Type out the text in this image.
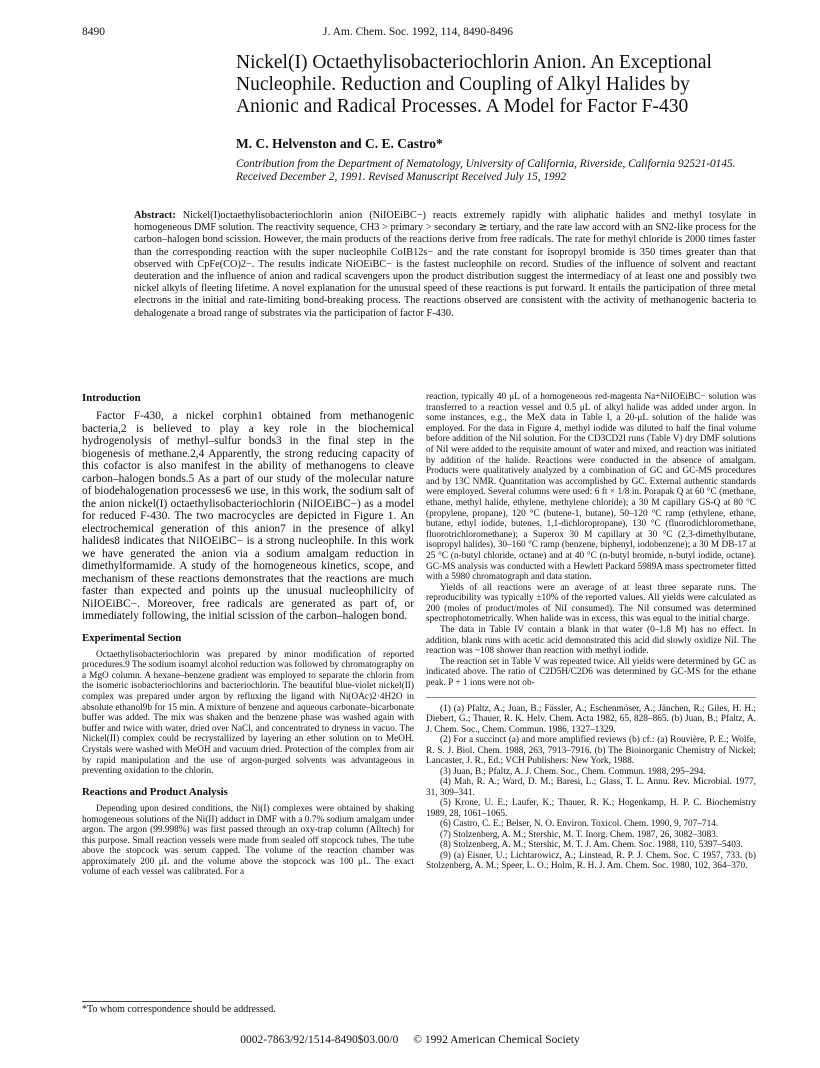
8490	J. Am. Chem. Soc. 1992, 114, 8490-8496
Nickel(I) Octaethylisobacteriochlorin Anion. An Exceptional Nucleophile. Reduction and Coupling of Alkyl Halides by Anionic and Radical Processes. A Model for Factor F-430
M. C. Helvenston and C. E. Castro*
Contribution from the Department of Nematology, University of California, Riverside, California 92521-0145. Received December 2, 1991. Revised Manuscript Received July 15, 1992
Abstract: Nickel(I)octaethylisobacteriochlorin anion (NiIOEiBC−) reacts extremely rapidly with aliphatic halides and methyl tosylate in homogeneous DMF solution. The reactivity sequence, CH3 > primary > secondary ≳ tertiary, and the rate law accord with an SN2-like process for the carbon–halogen bond scission. However, the main products of the reactions derive from free radicals. The rate for methyl chloride is 2000 times faster than the corresponding reaction with the super nucleophile CoIB12s− and the rate constant for isopropyl bromide is 350 times greater than that observed with CpFe(CO)2−. The results indicate NiOEiBC− is the fastest nucleophile on record. Studies of the influence of solvent and reactant deuteration and the influence of anion and radical scavengers upon the product distribution suggest the intermediacy of at least one and possibly two nickel alkyls of fleeting lifetime. A novel explanation for the unusual speed of these reactions is put forward. It entails the participation of three metal electrons in the initial and rate-limiting bond-breaking process. The reactions observed are consistent with the activity of methanogenic bacteria to dehalogenate a broad range of substrates via the participation of factor F-430.
Introduction

Factor F-430, a nickel corphin1 obtained from methanogenic bacteria,2 is believed to play a key role in the biochemical hydrogenolysis of methyl–sulfur bonds3 in the final step in the biogenesis of methane.2,4 Apparently, the strong reducing capacity of this cofactor is also manifest in the ability of methanogens to cleave carbon–halogen bonds.5 As a part of our study of the molecular nature of biodehalogenation processes6 we use, in this work, the sodium salt of the anion nickel(I) octaethylisobacteriochlorin (NiIOEiBC−) as a model for reduced F-430. The two macrocycles are depicted in Figure 1. An electrochemical generation of this anion7 in the presence of alkyl halides8 indicates that NiIOEiBC− is a strong nucleophile. In this work we have generated the anion via a sodium amalgam reduction in dimethylformamide. A study of the homogeneous kinetics, scope, and mechanism of these reactions demonstrates that the reactions are much faster than expected and points up the unusual nucleophilicity of NiIOEiBC−. Moreover, free radicals are generated as part of, or immediately following, the initial scission of the carbon–halogen bond.

Experimental Section

Octaethylisobacteriochlorin was prepared by minor modification of reported procedures.9 The sodium isoamyl alcohol reduction was followed by chromatography on a MgO column. A hexane–benzene gradient was employed to separate the chlorin from the isomeric isobacteriochlorins and bacteriochlorin. The beautiful blue-violet nickel(II) complex was prepared under argon by refluxing the ligand with Ni(OAc)2·4H2O in absolute ethanol9b for 15 min. A mixture of benzene and aqueous carbonate–bicarbonate buffer was added. The mix was shaken and the benzene phase was washed again with buffer and twice with water, dried over NaCl, and concentrated to dryness in vacuo. The Nickel(II) complex could be recrystallized by layering an ether solution on to MeOH. Crystals were washed with MeOH and vacuum dried. Protection of the complex from air by rapid manipulation and the use of argon-purged solvents was advantageous in preventing oxidation to the chlorin.

Reactions and Product Analysis

Depending upon desired conditions, the Ni(I) complexes were obtained by shaking homogeneous solutions of the Ni(II) adduct in DMF with a 0.7% sodium amalgam under argon. The argon (99.998%) was first passed through an oxy-trap column (Alltech) for this purpose. Small reaction vessels were made from sealed off stopcock tubes. The tube above the stopcock was serum capped. The volume of the reaction chamber was approximately 200 μL and the volume above the stopcock was 100 μL. The exact volume of each vessel was calibrated. For a

reaction, typically 40 μL of a homogeneous red-magenta Na+NiIOEiBC− solution was transferred to a reaction vessel and 0.5 μL of alkyl halide was added under argon. In some instances, e.g., the MeX data in Table I, a 20-μL solution of the halide was employed. For the data in Figure 4, methyl iodide was diluted to half the final volume before addition of the NiI solution. For the CD3CD2I runs (Table V) dry DMF solutions of NiI were added to the requisite amount of water and mixed, and reaction was initiated by addition of the halide. Reactions were conducted in the absence of amalgam. Products were qualitatively analyzed by a combination of GC and GC-MS procedures and by 13C NMR. Quantitation was accomplished by GC. External authentic standards were employed. Several columns were used: 6 ft × 1/8 in. Porapak Q at 60 °C (methane, ethane, methyl halide, ethylene, methylene chloride); a 30 M capillary GS-Q at 80 °C (propylene, propane), 120 °C (butene-1, butane), 50–120 °C ramp (ethylene, ethane, butane, ethyl iodide, butenes, 1,1-dichloropropane), 130 °C (fluorodichloromethane, fluorotrichloromethane); a Superox 30 M capillary at 30 °C (2,3-dimethylbutane, isopropyl halides), 30–160 °C ramp (benzene, biphenyl, iodobenzene); a 30 M DB-17 at 25 °C (n-butyl chloride, octane) and at 40 °C (n-butyl bromide, n-butyl iodide, octane). GC-MS analysis was conducted with a Hewlett Packard 5989A mass spectrometer fitted with a 5980 chromatograph and data station.

Yields of all reactions were an average of at least three separate runs. The reproducibility was typically ±10% of the reported values. All yields were calculated as 200 (moles of product/moles of NiI consumed). The NiI consumed was determined spectrophotometrically. When halide was in excess, this was equal to the initial charge.

The data in Table IV contain a blank in that water (0–1.8 M) has no effect. In addition, blank runs with acetic acid demonstrated this acid did slowly oxidize NiI. The reaction was ~108 shower than reaction with methyl iodide.

The reaction set in Table V was repeated twice. All yields were determined by GC as indicated above. The ratio of C2D5H/C2D6 was determined by GC-MS for the ethane peak. P + 1 ions were not ob-

(1) (a) Pfaltz, A.; Juan, B.; Fässler, A.; Eschenmöser, A.; Jänchen, R.; Giles, H. H.; Diebert, G.; Thauer, R. K. Helv. Chem. Acta 1982, 65, 828–865. (b) Juan, B.; Pfaltz, A. J. Chem. Soc., Chem. Commun. 1986, 1327–1329.

(2) For a succinct (a) and more amplified reviews (b) cf.: (a) Rouvière, P. E.; Wolfe, R. S. J. Biol. Chem. 1988, 263, 7913–7916. (b) The Bioinorganic Chemistry of Nickel; Lancaster, J. R., Ed.; VCH Publishers: New York, 1988.

(3) Juan, B.; Pfaltz, A. J. Chem. Soc., Chem. Commun. 1988, 295–294.

(4) Mah, R. A.; Ward, D. M.; Baresi, L.; Glass, T. L. Annu. Rev. Microbial. 1977, 31, 309–341.

(5) Krone, U. E.; Laufer, K.; Thauer, R. K.; Hogenkamp, H. P. C. Biochemistry 1989, 28, 1061–1065.

(6) Castro, C. E.; Belser, N. O. Environ. Toxicol. Chem. 1990, 9, 707–714.

(7) Stolzenberg, A. M.; Stershic, M. T. Inorg. Chem. 1987, 26, 3082–3083.

(8) Stolzenberg, A. M.; Stershic, M. T. J. Am. Chem. Soc. 1988, 110, 5397–5403.

(9) (a) Eisner, U.; Lichtarowicz, A.; Linstead, R. P. J. Chem. Soc. C 1957, 733. (b) Stolzenberg, A. M.; Speer, L. O.; Holm, R. H. J. Am. Chem. Soc. 1980, 102, 364–370.

*To whom correspondence should be addressed.
0002-7863/92/1514-8490$03.00/0 © 1992 American Chemical Society
